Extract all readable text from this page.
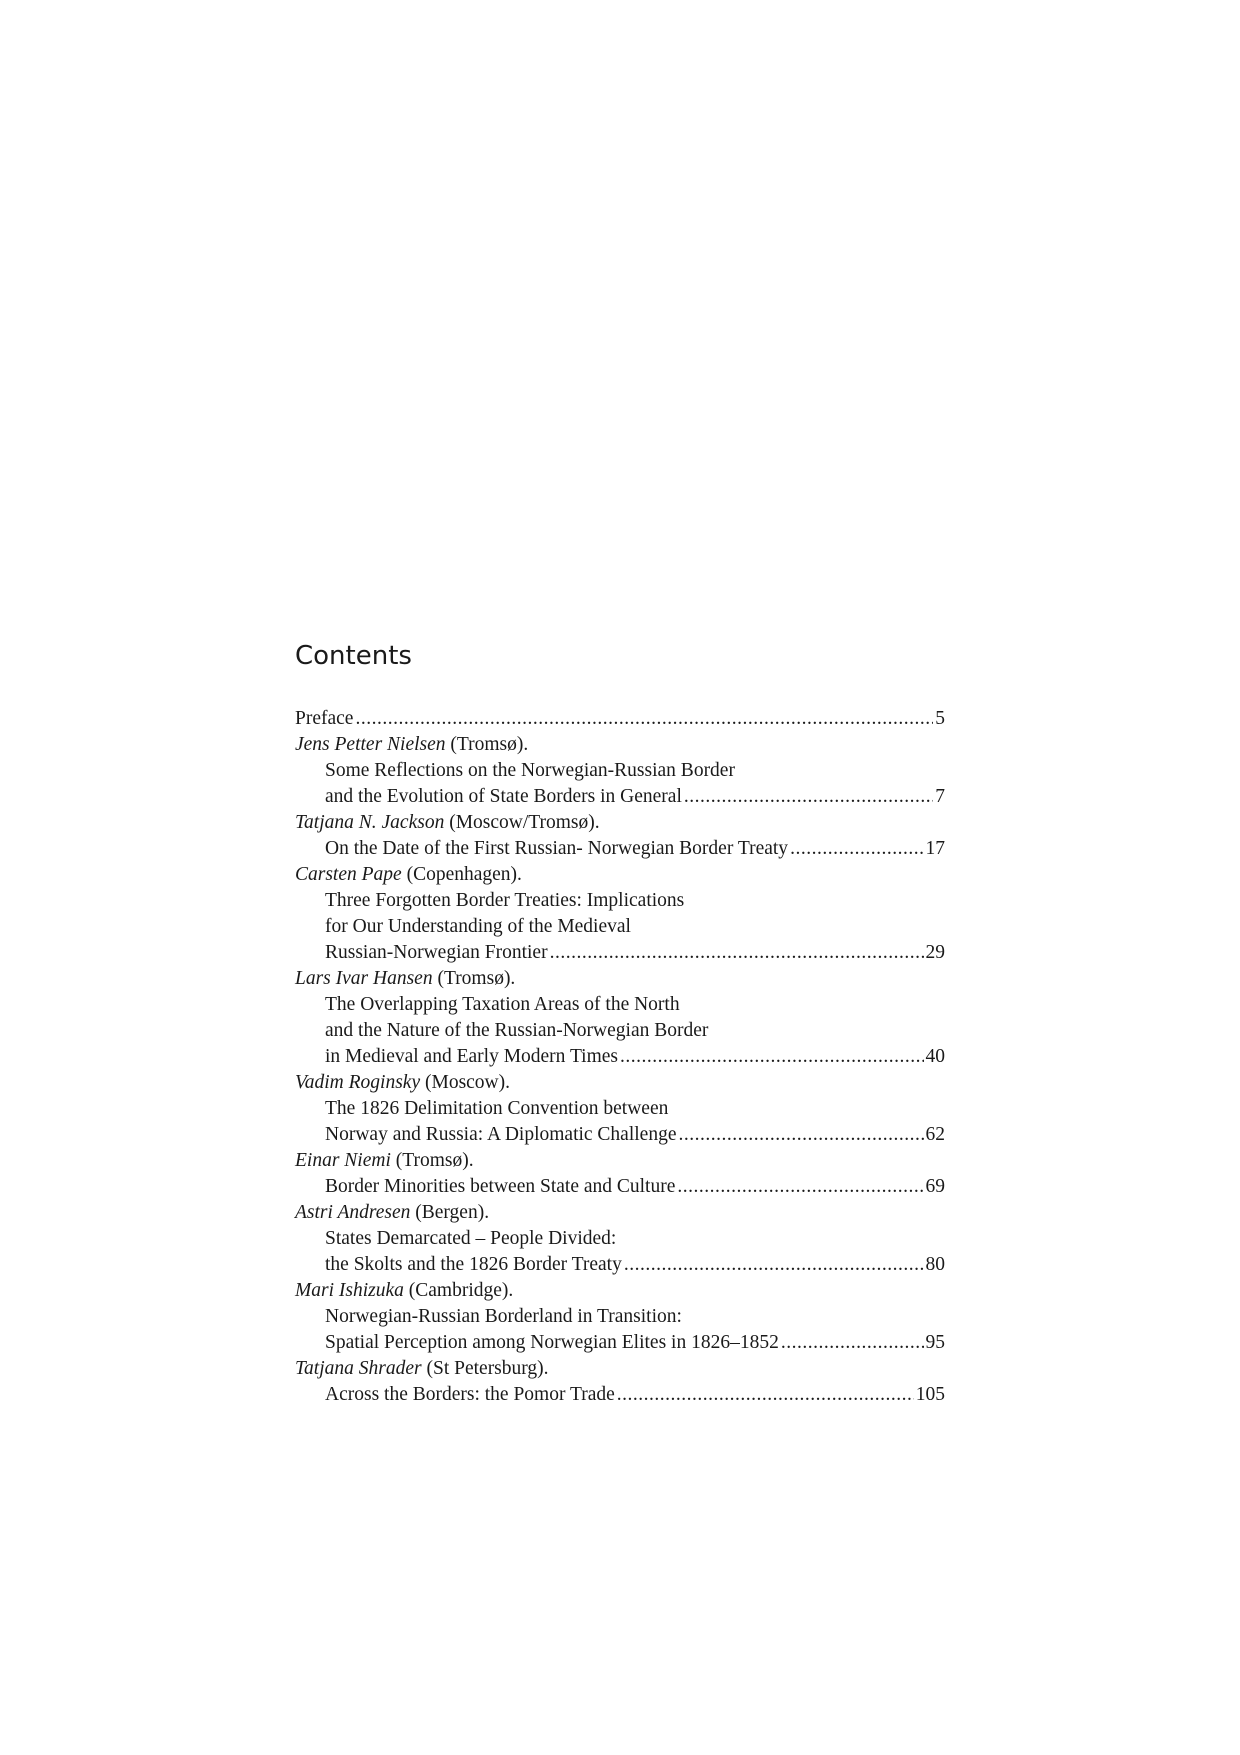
Contents
Preface .....	5
Jens Petter Nielsen
(Tromsø).
Some Reflections on the Norwegian-Russian Border
and the Evolution of State Borders in General .....	7
Tatjana N. Jackson
(Moscow/Tromsø).
On the Date of the First Russian- Norwegian Border Treaty .....	17
Carsten Pape
(Copenhagen).
Three Forgotten Border Treaties: Implications
for Our Understanding of the Medieval
Russian-Norwegian Frontier .....	29
Lars Ivar Hansen
(Tromsø).
The Overlapping Taxation Areas of the North
and the Nature of the Russian-Norwegian Border
in Medieval and Early Modern Times .....	40
Vadim Roginsky
(Moscow).
The 1826 Delimitation Convention between
Norway and Russia: A Diplomatic Challenge .....	62
Einar Niemi
(Tromsø).
Border Minorities between State and Culture .....	69
Astri Andresen
(Bergen).
States Demarcated – People Divided:
the Skolts and the 1826 Border Treaty .....	80
Mari Ishizuka
(Cambridge).
Norwegian-Russian Borderland in Transition:
Spatial Perception among Norwegian Elites in 1826–1852 .....	95
Tatjana Shrader
(St Petersburg).
Across the Borders: the Pomor Trade .....	105
